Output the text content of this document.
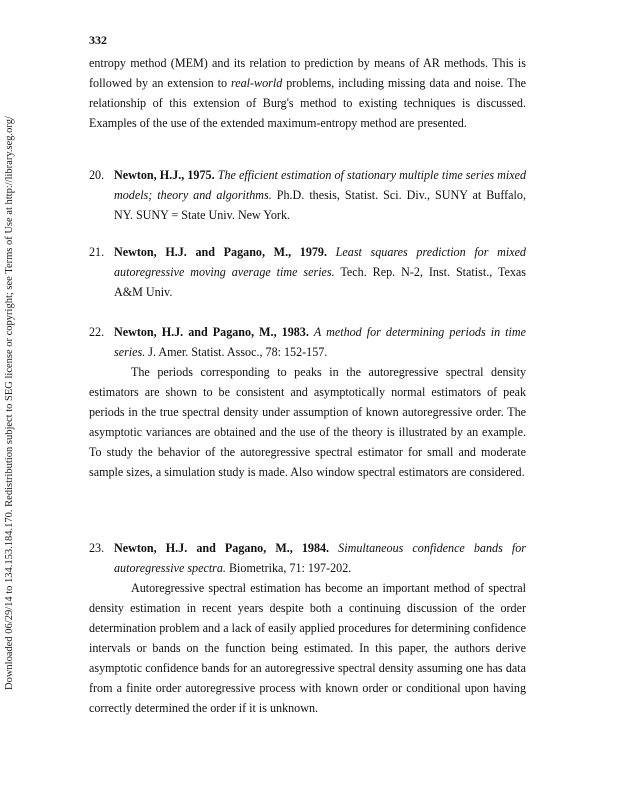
Downloaded 06/29/14 to 134.153.184.170. Redistribution subject to SEG license or copyright; see Terms of Use at http://library.seg.org/
332
entropy method (MEM) and its relation to prediction by means of AR methods. This is followed by an extension to real-world problems, including missing data and noise. The relationship of this extension of Burg's method to existing techniques is discussed. Examples of the use of the extended maximum-entropy method are presented.
20. Newton, H.J., 1975. The efficient estimation of stationary multiple time series mixed models; theory and algorithms. Ph.D. thesis, Statist. Sci. Div., SUNY at Buffalo, NY. SUNY = State Univ. New York.
21. Newton, H.J. and Pagano, M., 1979. Least squares prediction for mixed autoregressive moving average time series. Tech. Rep. N-2, Inst. Statist., Texas A&M Univ.
22. Newton, H.J. and Pagano, M., 1983. A method for determining periods in time series. J. Amer. Statist. Assoc., 78: 152-157.

The periods corresponding to peaks in the autoregressive spectral density estimators are shown to be consistent and asymptotically normal estimators of peak periods in the true spectral density under assumption of known autoregressive order. The asymptotic variances are obtained and the use of the theory is illustrated by an example. To study the behavior of the autoregressive spectral estimator for small and moderate sample sizes, a simulation study is made. Also window spectral estimators are considered.

23. Newton, H.J. and Pagano, M., 1984. Simultaneous confidence bands for autoregressive spectra. Biometrika, 71: 197-202.

Autoregressive spectral estimation has become an important method of spectral density estimation in recent years despite both a continuing discussion of the order determination problem and a lack of easily applied procedures for determining confidence intervals or bands on the function being estimated. In this paper, the authors derive asymptotic confidence bands for an autoregressive spectral density assuming one has data from a finite order autoregressive process with known order or conditional upon having correctly determined the order if it is unknown.
